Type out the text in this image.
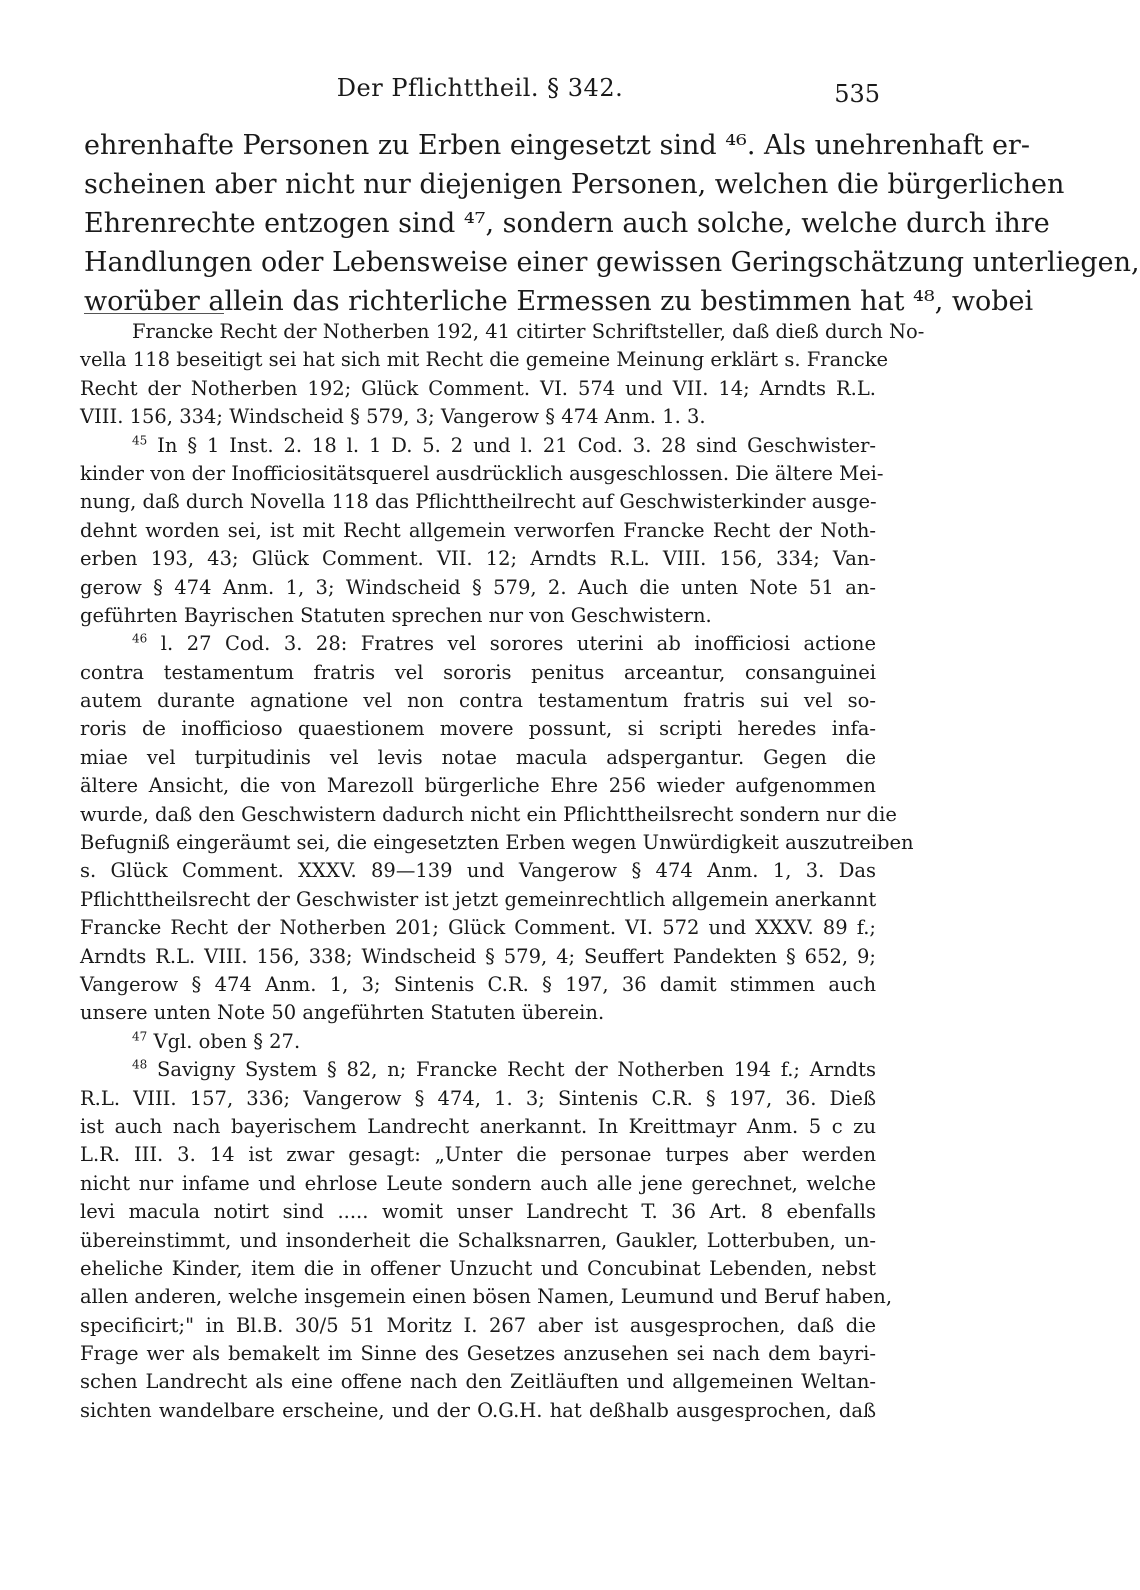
Der Pflichttheil. § 342.	535
ehrenhafte Personen zu Erben eingesetzt sind ⁴⁶. Als unehrenhaft er-
scheinen aber nicht nur diejenigen Personen, welchen die bürgerlichen
Ehrenrechte entzogen sind ⁴⁷, sondern auch solche, welche durch ihre
Handlungen oder Lebensweise einer gewissen Geringschätzung unterliegen,
worüber allein das richterliche Ermessen zu bestimmen hat ⁴⁸, wobei
Francke Recht der Notherben 192, 41 citirter Schriftsteller, daß dieß durch No-
vella 118 beseitigt sei hat sich mit Recht die gemeine Meinung erklärt s. Francke
Recht der Notherben 192; Glück Comment. VI. 574 und VII. 14; Arndts R.L.
VIII. 156, 334; Windscheid § 579, 3; Vangerow § 474 Anm. 1. 3.
$^{45}$ In § 1 Inst. 2. 18 l. 1 D. 5. 2 und l. 21 Cod. 3. 28 sind Geschwister-
kinder von der Inofficiositätsquerel ausdrücklich ausgeschlossen. Die ältere Mei-
nung, daß durch Novella 118 das Pflichttheilrecht auf Geschwisterkinder ausge-
dehnt worden sei, ist mit Recht allgemein verworfen Francke Recht der Noth-
erben 193, 43; Glück Comment. VII. 12; Arndts R.L. VIII. 156, 334; Van-
gerow § 474 Anm. 1, 3; Windscheid § 579, 2. Auch die unten Note 51 an-
geführten Bayrischen Statuten sprechen nur von Geschwistern.
$^{46}$ l. 27 Cod. 3. 28: Fratres vel sorores uterini ab inofficiosi actione
contra testamentum fratris vel sororis penitus arceantur, consanguinei
autem durante agnatione vel non contra testamentum fratris sui vel so-
roris de inofficioso quaestionem movere possunt, si scripti heredes infa-
miae vel turpitudinis vel levis notae macula adspergantur. Gegen die
ältere Ansicht, die von Marezoll bürgerliche Ehre 256 wieder aufgenommen
wurde, daß den Geschwistern dadurch nicht ein Pflichttheilsrecht sondern nur die
Befugniß eingeräumt sei, die eingesetzten Erben wegen Unwürdigkeit auszutreiben
s. Glück Comment. XXXV. 89—139 und Vangerow § 474 Anm. 1, 3. Das
Pflichttheilsrecht der Geschwister ist jetzt gemeinrechtlich allgemein anerkannt
Francke Recht der Notherben 201; Glück Comment. VI. 572 und XXXV. 89 f.;
Arndts R.L. VIII. 156, 338; Windscheid § 579, 4; Seuffert Pandekten § 652, 9;
Vangerow § 474 Anm. 1, 3; Sintenis C.R. § 197, 36 damit stimmen auch
unsere unten Note 50 angeführten Statuten überein.
$^{47}$ Vgl. oben § 27.
$^{48}$ Savigny System § 82, n; Francke Recht der Notherben 194 f.; Arndts
R.L. VIII. 157, 336; Vangerow § 474, 1. 3; Sintenis C.R. § 197, 36. Dieß
ist auch nach bayerischem Landrecht anerkannt. In Kreittmayr Anm. 5 c zu
L.R. III. 3. 14 ist zwar gesagt: „Unter die personae turpes aber werden
nicht nur infame und ehrlose Leute sondern auch alle jene gerechnet, welche
levi macula notirt sind ..... womit unser Landrecht T. 36 Art. 8 ebenfalls
übereinstimmt, und insonderheit die Schalksnarren, Gaukler, Lotterbuben, un-
eheliche Kinder, item die in offener Unzucht und Concubinat Lebenden, nebst
allen anderen, welche insgemein einen bösen Namen, Leumund und Beruf haben,
specificirt;" in Bl.B. 30/5 51 Moritz I. 267 aber ist ausgesprochen, daß die
Frage wer als bemakelt im Sinne des Gesetzes anzusehen sei nach dem bayri-
schen Landrecht als eine offene nach den Zeitläuften und allgemeinen Weltan-
sichten wandelbare erscheine, und der O.G.H. hat deßhalb ausgesprochen, daß
